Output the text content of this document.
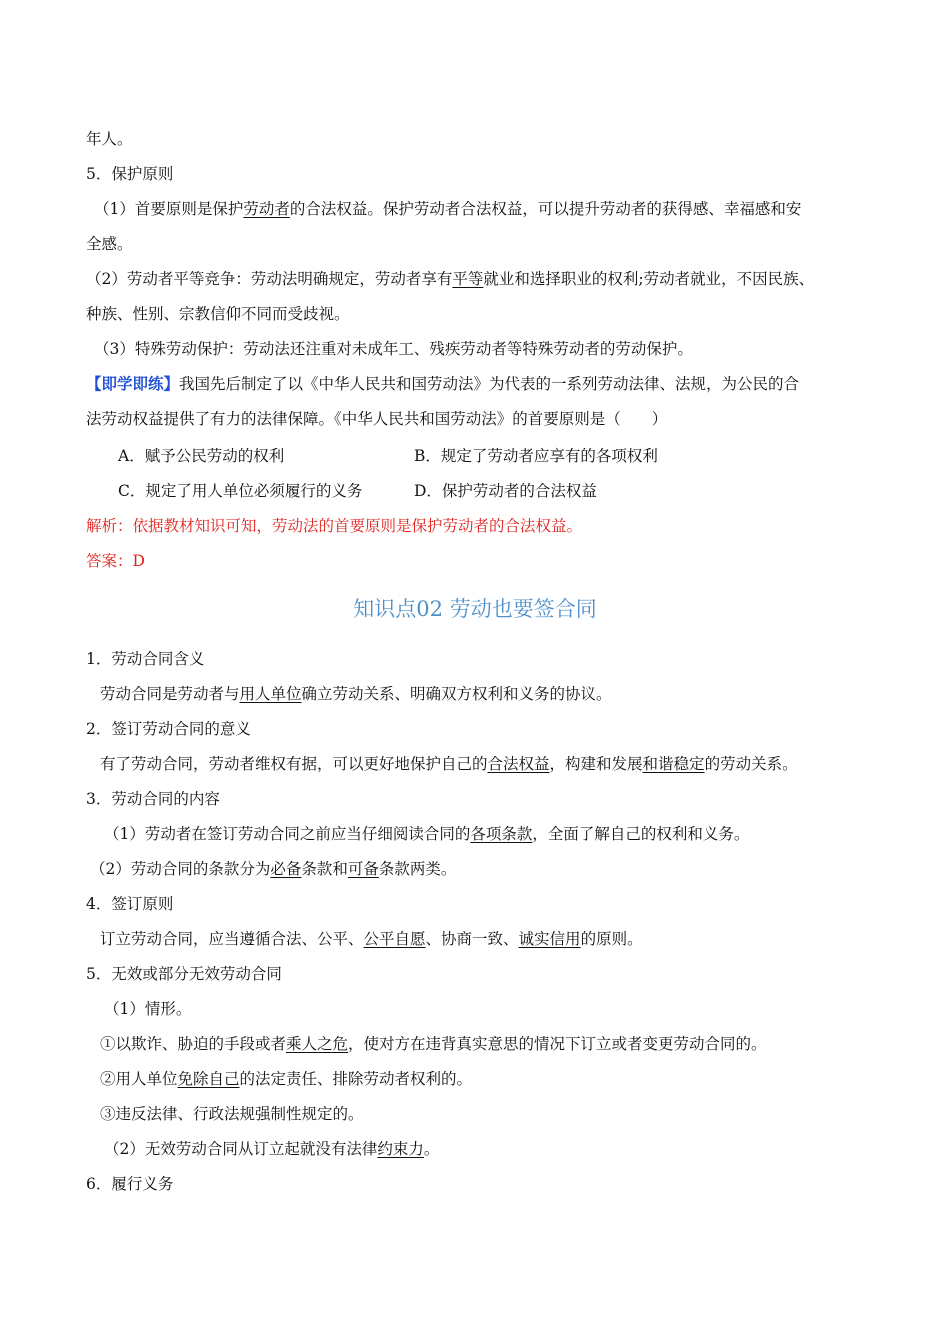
年人。
5．保护原则
（1）首要原则是保护劳动者的合法权益。保护劳动者合法权益，可以提升劳动者的获得感、幸福感和安
全感。
（2）劳动者平等竞争：劳动法明确规定，劳动者享有平等就业和选择职业的权利;劳动者就业，不因民族、
种族、性别、宗教信仰不同而受歧视。
（3）特殊劳动保护：劳动法还注重对未成年工、残疾劳动者等特殊劳动者的劳动保护。
【即学即练】我国先后制定了以《中华人民共和国劳动法》为代表的一系列劳动法律、法规，为公民的合
法劳动权益提供了有力的法律保障。《中华人民共和国劳动法》的首要原则是（　　）
A．赋予公民劳动的权利	B．规定了劳动者应享有的各项权利
C．规定了用人单位必须履行的义务	D．保护劳动者的合法权益
解析：依据教材知识可知，劳动法的首要原则是保护劳动者的合法权益。
答案：D
知识点02 劳动也要签合同
1．劳动合同含义
劳动合同是劳动者与用人单位确立劳动关系、明确双方权利和义务的协议。
2．签订劳动合同的意义
有了劳动合同，劳动者维权有据，可以更好地保护自己的合法权益，构建和发展和谐稳定的劳动关系。
3．劳动合同的内容
（1）劳动者在签订劳动合同之前应当仔细阅读合同的各项条款，全面了解自己的权利和义务。
（2）劳动合同的条款分为必备条款和可备条款两类。
4．签订原则
订立劳动合同，应当遵循合法、公平、公平自愿、协商一致、诚实信用的原则。
5．无效或部分无效劳动合同
（1）情形。
①以欺诈、胁迫的手段或者乘人之危，使对方在违背真实意思的情况下订立或者变更劳动合同的。
②用人单位免除自己的法定责任、排除劳动者权利的。
③违反法律、行政法规强制性规定的。
（2）无效劳动合同从订立起就没有法律约束力。
6．履行义务
